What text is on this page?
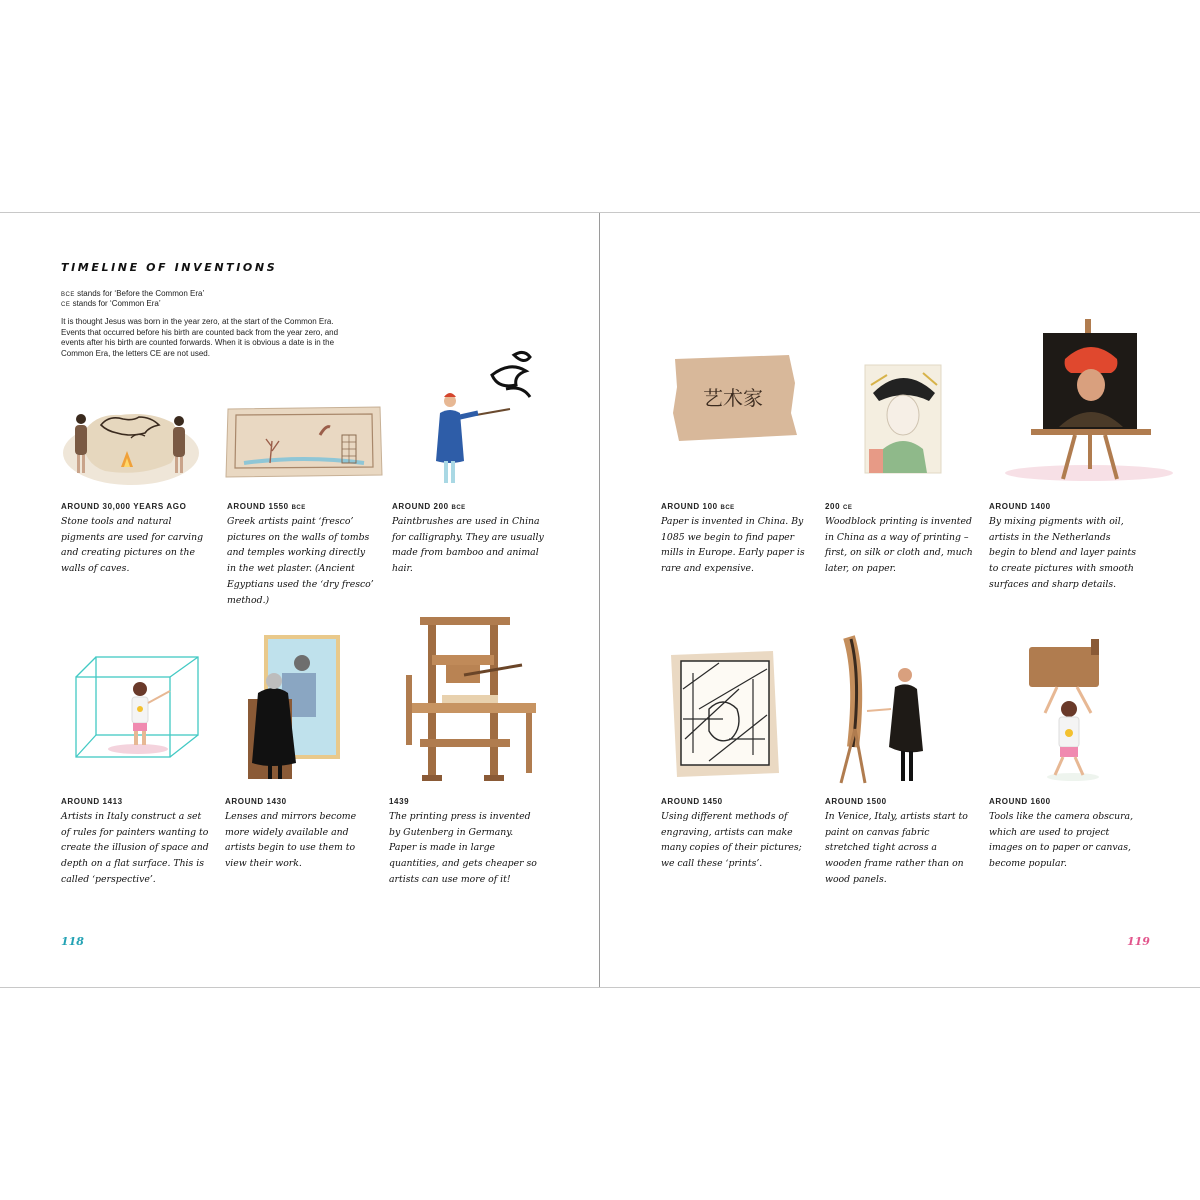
TIMELINE OF INVENTIONS
BCE stands for ‘Before the Common Era’
CE stands for ‘Common Era’
It is thought Jesus was born in the year zero, at the start of the Common Era. Events that occurred before his birth are counted back from the year zero, and events after his birth are counted forwards. When it is obvious a date is in the Common Era, the letters CE are not used.
AROUND 30,000 YEARS AGO
Stone tools and natural pigments are used for carving and creating pictures on the walls of caves.
AROUND 1550 BCE
Greek artists paint ‘fresco’ pictures on the walls of tombs and temples working directly in the wet plaster. (Ancient Egyptians used the ‘dry fresco’ method.)
AROUND 200 BCE
Paintbrushes are used in China for calligraphy. They are usually made from bamboo and animal hair.
AROUND 1413
Artists in Italy construct a set of rules for painters wanting to create the illusion of space and depth on a flat surface. This is called ‘perspective’.
AROUND 1430
Lenses and mirrors become more widely available and artists begin to use them to view their work.
1439
The printing press is invented by Gutenberg in Germany. Paper is made in large quantities, and gets cheaper so artists can use more of it!
118
艺术家
AROUND 100 BCE
Paper is invented in China. By 1085 we begin to find paper mills in Europe. Early paper is rare and expensive.
200 CE
Woodblock printing is invented in China as a way of printing – first, on silk or cloth and, much later, on paper.
AROUND 1400
By mixing pigments with oil, artists in the Netherlands begin to blend and layer paints to create pictures with smooth surfaces and sharp details.
AROUND 1450
Using different methods of engraving, artists can make many copies of their pictures; we call these ‘prints’.
AROUND 1500
In Venice, Italy, artists start to paint on canvas fabric stretched tight across a wooden frame rather than on wood panels.
AROUND 1600
Tools like the camera obscura, which are used to project images on to paper or canvas, become popular.
119
